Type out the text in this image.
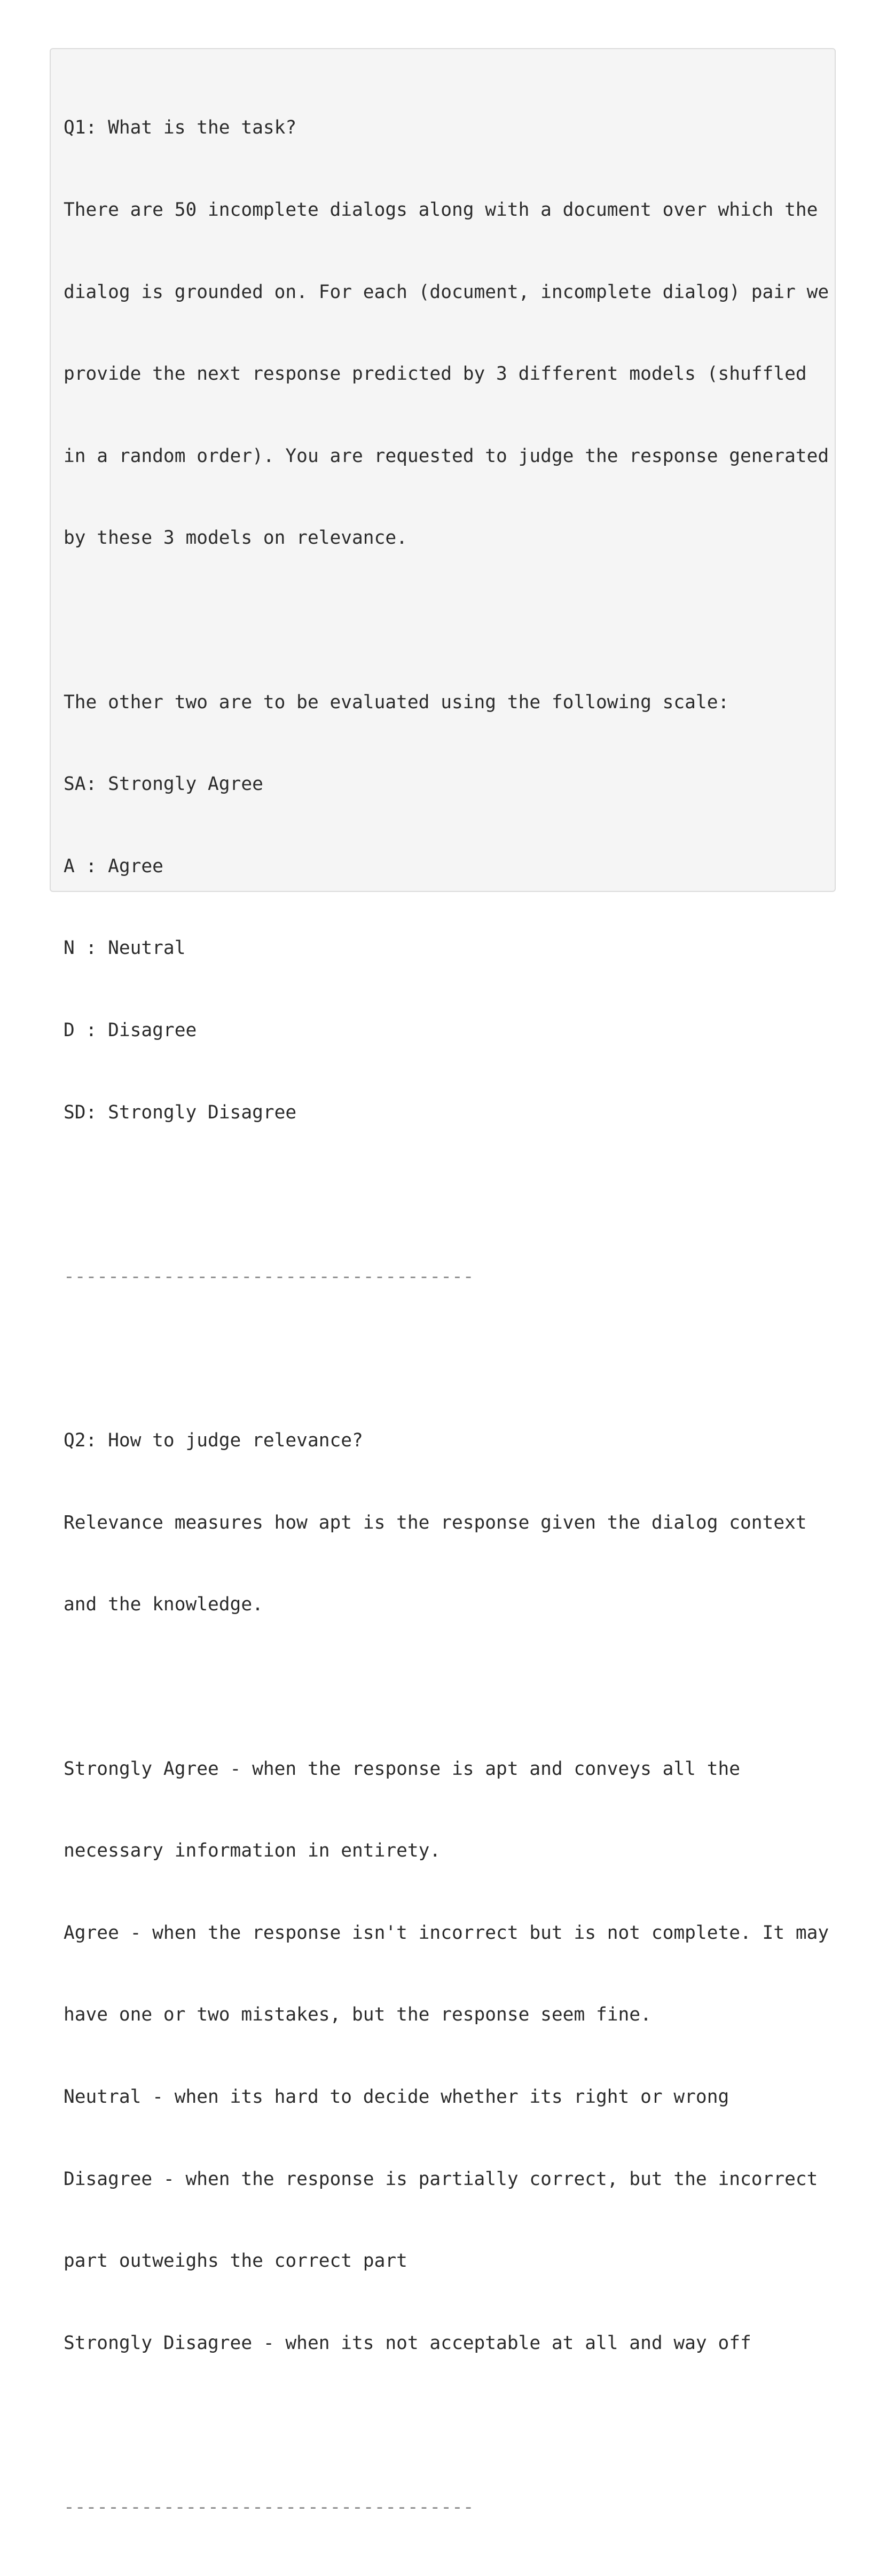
Q1: What is the task?

There are 50 incomplete dialogs along with a document over which the

dialog is grounded on. For each (document, incomplete dialog) pair we

provide the next response predicted by 3 different models (shuffled

in a random order). You are requested to judge the response generated

by these 3 models on relevance.

The other two are to be evaluated using the following scale:

SA: Strongly Agree

A : Agree

N : Neutral

D : Disagree

SD: Strongly Disagree

-------------------------------------

Q2: How to judge relevance?

Relevance measures how apt is the response given the dialog context

and the knowledge.

Strongly Agree - when the response is apt and conveys all the

necessary information in entirety.

Agree - when the response isn't incorrect but is not complete. It may

have one or two mistakes, but the response seem fine.

Neutral - when its hard to decide whether its right or wrong

Disagree - when the response is partially correct, but the incorrect

part outweighs the correct part

Strongly Disagree - when its not acceptable at all and way off

-------------------------------------
